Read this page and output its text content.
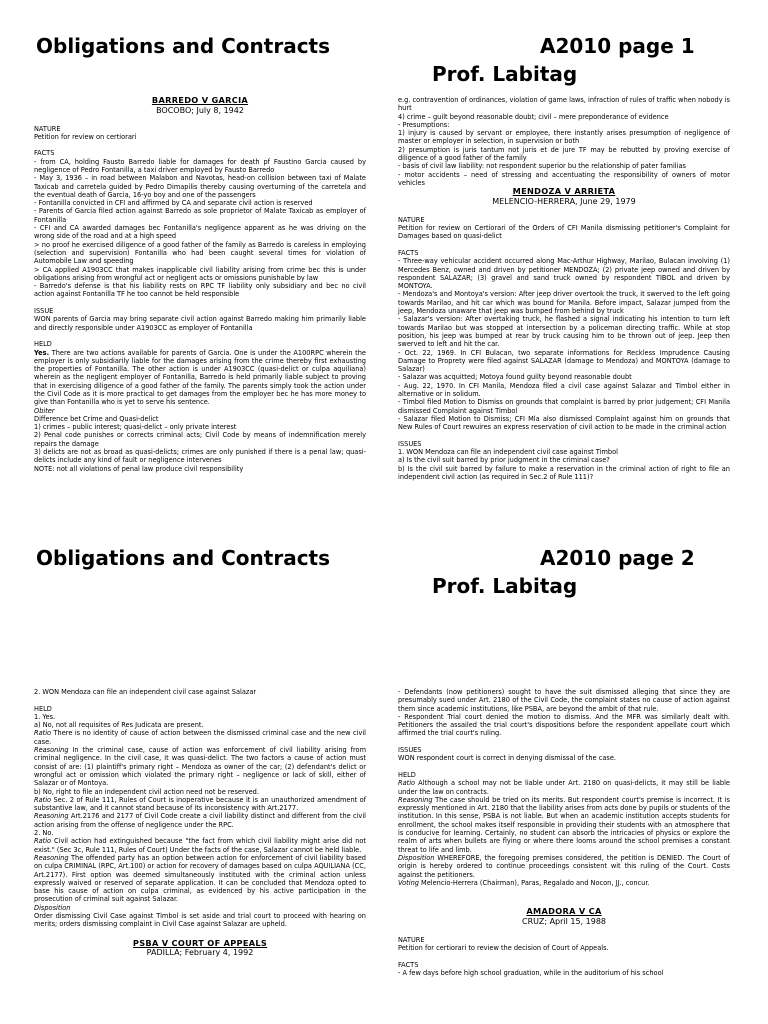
Obligations and Contracts	A2010 page 1
Prof. Labitag

BARREDO V GARCIA

BOCOBO; July 8, 1942

NATURE

Petition for review on certiorari

FACTS

- from CA, holding Fausto Barredo liable for damages for death pf Faustino Garcia caused by negligence of Pedro Fontanilla, a taxi driver employed by Fausto Barredo

- May 3, 1936 – in road between Malabon and Navotas, head-on collision between taxi of Malate Taxicab and carretela guided by Pedro Dimapilis thereby causing overturning of the carretela and the eventual death of Garcia, 16-yo boy and one of the passengers

- Fontanilla convicted in CFI and affirmed by CA and separate civil action is reserved

- Parents of Garcia filed action against Barredo as sole proprietor of Malate Taxicab as employer of Fontanilla

- CFI and CA awarded damages bec Fontanilla's negligence apparent as he was driving on the wrong side of the road and at a high speed

> no proof he exercised diligence of a good father of the family as Barredo is careless in employing (selection and supervision) Fontanilla who had been caught several times for violation of Automobile Law and speeding

> CA applied A1903CC that makes inapplicable civil liability arising from crime bec this is under obligations arising from wrongful act or negligent acts or omissions punishable by law

- Barredo's defense is that his liability rests on RPC TF liability only subsidiary and bec no civil action against Fontanilla TF he too cannot be held responsible

ISSUE

WON parents of Garcia may bring separate civil action against Barredo making him primarily liable and directly responsible under A1903CC as employer of Fontanilla

HELD

Yes. There are two actions available for parents of Garcia. One is under the A100RPC wherein the employer is only subsidiarily liable for the damages arising from the crime thereby first exhausting the properties of Fontanilla. The other action is under A1903CC (quasi-delict or culpa aquiliana) wherein as the negligent employer of Fontanilla, Barredo is held primarily liable subject to proving that in exercising diligence of a good father of the family. The parents simply took the action under the Civil Code as it is more practical to get damages from the employer bec he has more money to give than Fontanilla who is yet to serve his sentence.

Obiter

Difference bet Crime and Quasi-delict

1) crimes – public interest; quasi-delict – only private interest

2) Penal code punishes or corrects criminal acts; Civil Code by means of indemnification merely repairs the damage

3) delicts are not as broad as quasi-delicts; crimes are only punished if there is a penal law; quasi-delicts include any kind of fault or negligence intervenes

NOTE: not all violations of penal law produce civil responsibility

e.g. contravention of ordinances, violation of game laws, infraction of rules of traffic when nobody is hurt

4) crime – guilt beyond reasonable doubt; civil – mere preponderance of evidence

- Presumptions:

1) injury is caused by servant or employee, there instantly arises presumption of negligence of master or employer in selection, in supervision or both

2) presumption is juris tantum not juris et de jure TF may be rebutted by proving exercise of diligence of a good father of the family

- basis of civil law liability: not respondent superior bu the relationship of pater familias

- motor accidents – need of stressing and accentuating the responsibility of owners of motor vehicles

MENDOZA V ARRIETA

MELENCIO-HERRERA, June 29, 1979

NATURE

Petition for review on Certiorari of the Orders of CFI Manila dismissing petitioner's Complaint for Damages based on quasi-delict

FACTS

- Three-way vehicular accident occurred along Mac-Arthur Highway, Marilao, Bulacan involving (1) Mercedes Benz, owned and driven by petitioner MENDOZA; (2) private jeep owned and driven by respondent SALAZAR; (3) gravel and sand truck owned by respondent TIBOL and driven by MONTOYA.

- Mendoza's and Montoya's version: After jeep driver overtook the truck, it swerved to the left going towards Marilao, and hit car which was bound for Manila. Before impact, Salazar jumped from the jeep, Mendoza unaware that jeep was bumped from behind by truck

- Salazar's version: After overtaking truck, he flashed a signal indicating his intention to turn left towards Marilao but was stopped at intersection by a policeman directing traffic. While at stop position, his jeep was bumped at rear by truck causing him to be thrown out of jeep. Jeep then swerved to left and hit the car.

- Oct. 22, 1969. In CFI Bulacan, two separate informations for Reckless Imprudence Causing Damage to Proprety were filed against SALAZAR (damage to Mendoza) and MONTOYA (damage to Salazar)

- Salazar was acquitted; Motoya found guilty beyond reasonable doubt

- Aug. 22, 1970. In CFI Manila, Mendoza filed a civil case against Salazar and Timbol either in alternative or in solidum.

- Timbol filed Motion to Dismiss on grounds that complaint is barred by prior judgement; CFI Manila dismissed Complaint against Timbol

- Salazar filed Motion to Dismiss; CFI Mla also dismissed Complaint against him on grounds that New Rules of Court rewuires an express reservation of civil action to be made in the criminal action

ISSUES

1. WON Mendoza can file an independent civil case against Timbol

a) Is the civil suit barred by prior judgment in the criminal case?

b) Is the civil suit barred by failure to make a reservation in the criminal action of right to file an independent civil action (as required in Sec.2 of Rule 111)?

Obligations and Contracts	A2010 page 2
Prof. Labitag

2. WON Mendoza can file an independent civil case against Salazar

HELD

1. Yes.

a) No, not all requisites of Res Judicata are present.

Ratio There is no identity of cause of action between the dismissed criminal case and the new civil case.

Reasoning In the criminal case, cause of action was enforcement of civil liability arising from criminal negligence. In the civil case, it was quasi-delict. The two factors a cause of action must consist of are: (1) plaintiff's primary right – Mendoza as owner of the car; (2) defendant's delict or wrongful act or omission which violated the primary right – negligence or lack of skill, either of Salazar or of Montoya.

b) No, right to file an independent civil action need not be reserved.

Ratio Sec. 2 of Rule 111, Rules of Court is inoperative because it is an unauthorized amendment of substantive law, and it cannot stand because of its inconsistency with Art.2177.

Reasoning Art.2176 and 2177 of Civil Code create a civil liability distinct and different from the civil action arising from the offense of negligence under the RPC.

2. No.

Ratio Civil action had extinguished because "the fact from which civil liability might arise did not exist." (Sec 3c, Rule 111, Rules of Court) Under the facts of the case, Salazar cannot be held liable.

Reasoning The offended party has an option between action for enforcement of civil liability based on culpa CRIMINAL (RPC, Art.100) or action for recovery of damages based on culpa AQUILIANA (CC, Art.2177). First option was deemed simultaneously instituted with the criminal action unless expressly waived or reserved of separate application. It can be concluded that Mendoza opted to base his cause of action on culpa criminal, as evidenced by his active participation in the prosecution of criminal suit against Salazar.

Disposition

Order dismissing Civil Case against Timbol is set aside and trial court to proceed with hearing on merits; orders dismissing complaint in Civil Case against Salazar are upheld.

PSBA V COURT OF APPEALS

PADILLA; February 4, 1992

- Defendants (now petitioners) sought to have the suit dismissed alleging that since they are presumably sued under Art. 2180 of the Civil Code, the complaint states no cause of action against them since academic institutions, like PSBA, are beyond the ambit of that rule.

- Respondent Trial court denied the motion to dismiss. And the MFR was similarly dealt with. Petitioners the assailed the trial court's dispositions before the respondent appellate court which affirmed the trial court's ruling.

ISSUES

WON respondent court is correct in denying dismissal of the case.

HELD

Ratio Although a school may not be liable under Art. 2180 on quasi-delicts, it may still be liable under the law on contracts.

Reasoning The case should be tried on its merits. But respondent court's premise is incorrect. It is expressly mentioned in Art. 2180 that the liability arises from acts done by pupils or students of the institution. In this sense, PSBA is not liable. But when an academic institution accepts students for enrollment, the school makes itself responsible in providing their students with an atmosphere that is conducive for learning. Certainly, no student can absorb the intricacies of physics or explore the realm of arts when bullets are flying or where there looms around the school premises a constant threat to life and limb.

Disposition WHEREFORE, the foregoing premises considered, the petition is DENIED. The Court of origin is hereby ordered to continue proceedings consistent wit this ruling of the Court. Costs against the petitioners.

Voting Melencio-Herrera (Chairman), Paras, Regalado and Nocon, JJ., concur.

AMADORA V CA

CRUZ; April 15, 1988

NATURE

Petition for certiorari to review the decision of Court of Appeals.

FACTS

- A few days before high school graduation, while in the auditorium of his school
